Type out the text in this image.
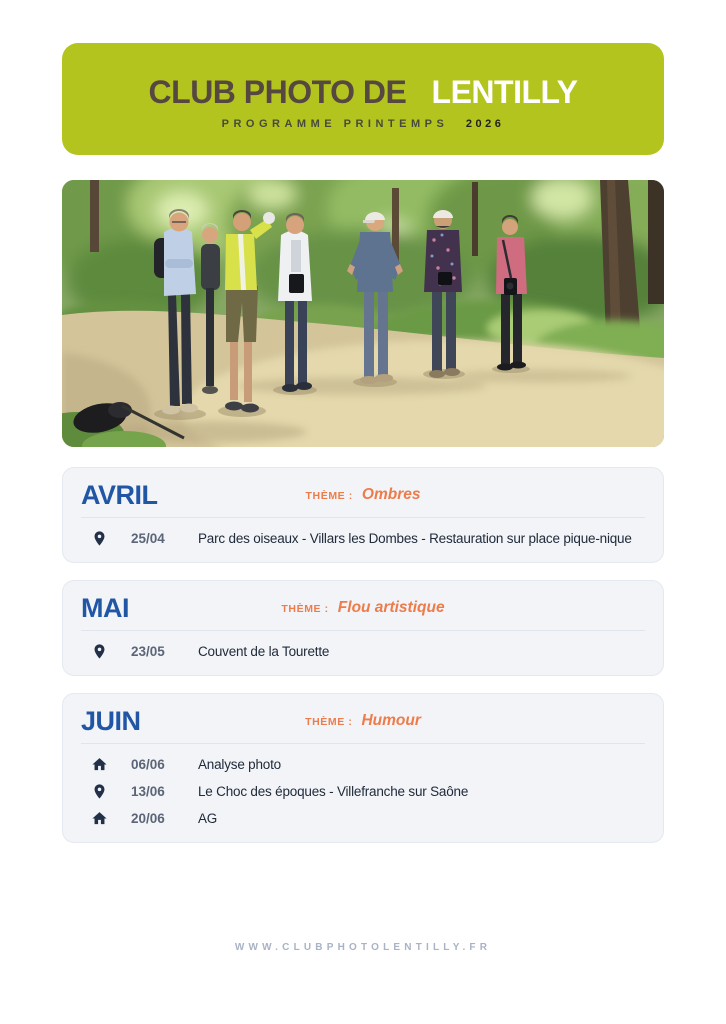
CLUB PHOTO DE LENTILLY
PROGRAMME PRINTEMPS 2026
AVRIL	THÈME : Ombres
25/04	Parc des oiseaux - Villars les Dombes - Restauration sur place pique-nique
MAI	THÈME : Flou artistique
23/05	Couvent de la Tourette
JUIN	THÈME : Humour
06/06	Analyse photo
13/06	Le Choc des époques - Villefranche sur Saône
20/06	AG
WWW.CLUBPHOTOLENTILLY.FR
